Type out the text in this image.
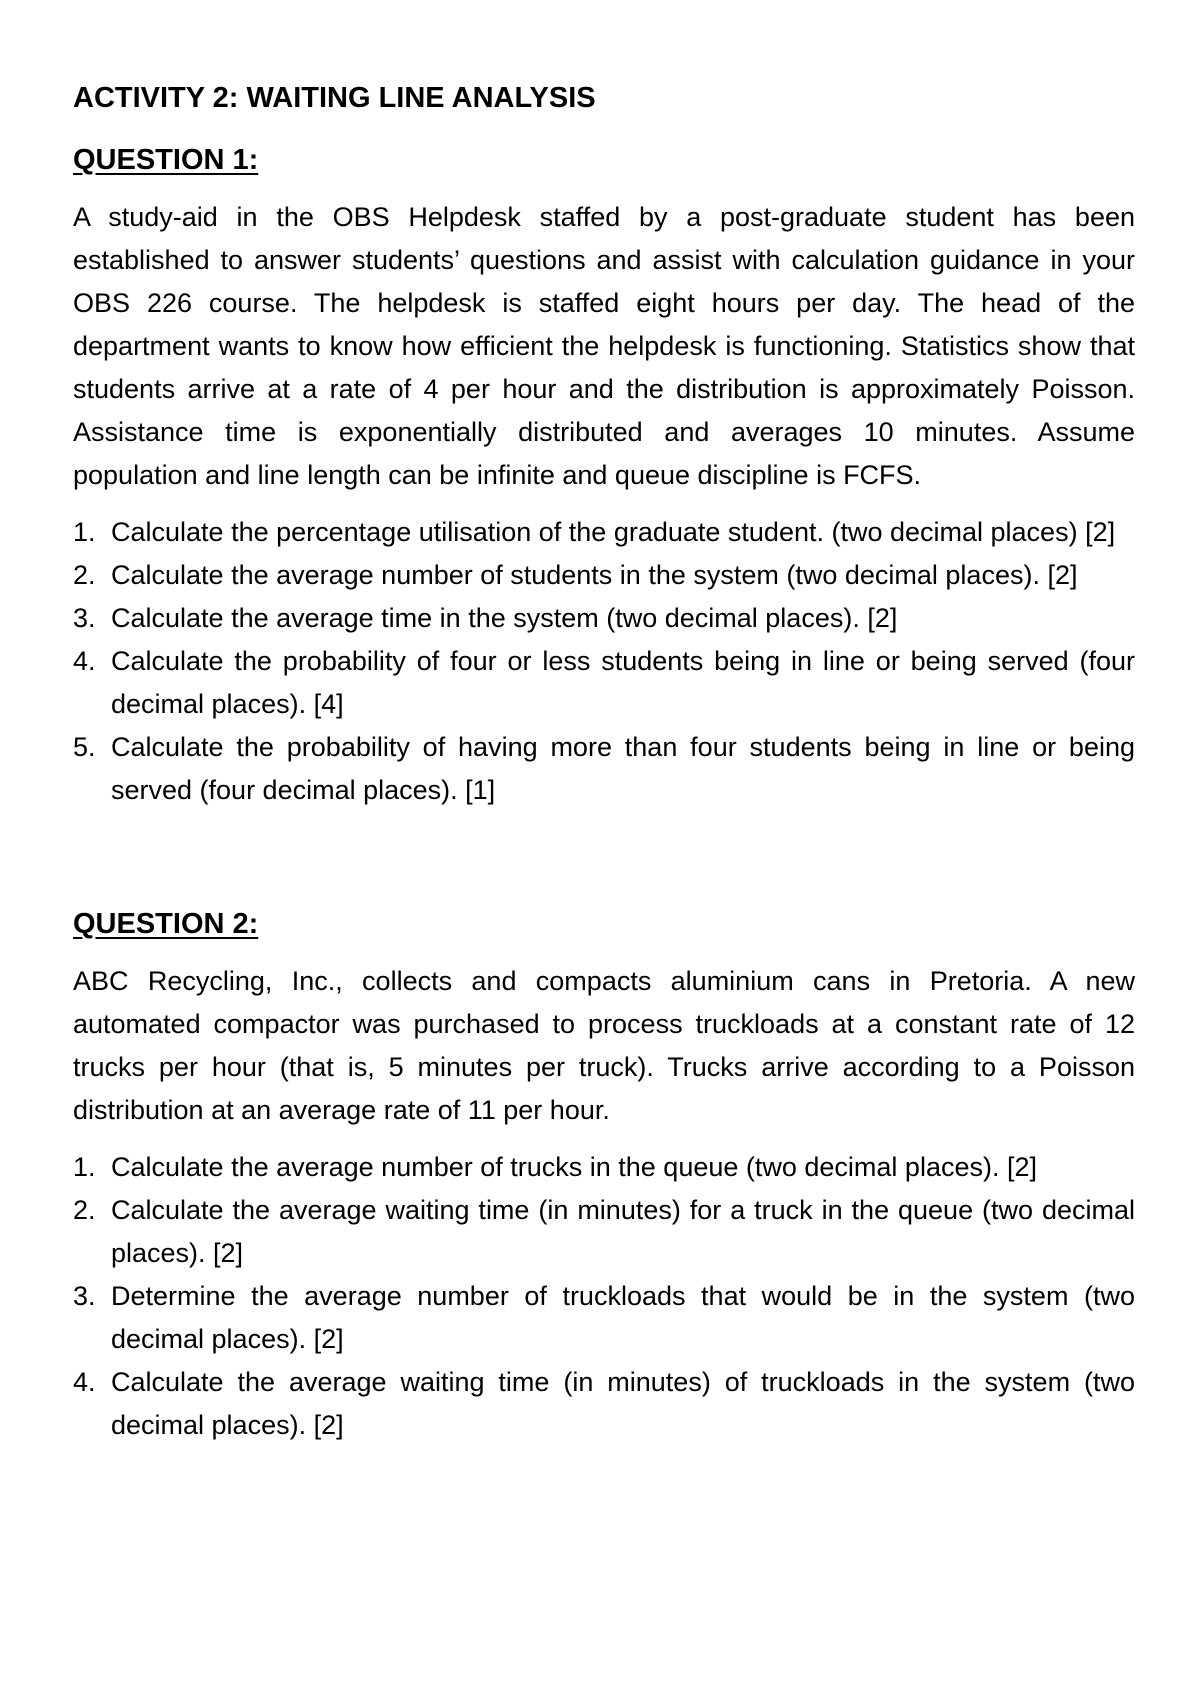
ACTIVITY 2: WAITING LINE ANALYSIS
QUESTION 1:

A study-aid in the OBS Helpdesk staffed by a post-graduate student has been established to answer students’ questions and assist with calculation guidance in your OBS 226 course. The helpdesk is staffed eight hours per day. The head of the department wants to know how efficient the helpdesk is functioning. Statistics show that students arrive at a rate of 4 per hour and the distribution is approximately Poisson. Assistance time is exponentially distributed and averages 10 minutes. Assume population and line length can be infinite and queue discipline is FCFS.

1. Calculate the percentage utilisation of the graduate student. (two decimal places) [2]
2. Calculate the average number of students in the system (two decimal places). [2]
3. Calculate the average time in the system (two decimal places). [2]
4. Calculate the probability of four or less students being in line or being served (four decimal places). [4]
5. Calculate the probability of having more than four students being in line or being served (four decimal places). [1]
QUESTION 2:

ABC Recycling, Inc., collects and compacts aluminium cans in Pretoria. A new automated compactor was purchased to process truckloads at a constant rate of 12 trucks per hour (that is, 5 minutes per truck). Trucks arrive according to a Poisson distribution at an average rate of 11 per hour.

1. Calculate the average number of trucks in the queue (two decimal places). [2]
2. Calculate the average waiting time (in minutes) for a truck in the queue (two decimal places). [2]
3. Determine the average number of truckloads that would be in the system (two decimal places). [2]
4. Calculate the average waiting time (in minutes) of truckloads in the system (two decimal places). [2]
